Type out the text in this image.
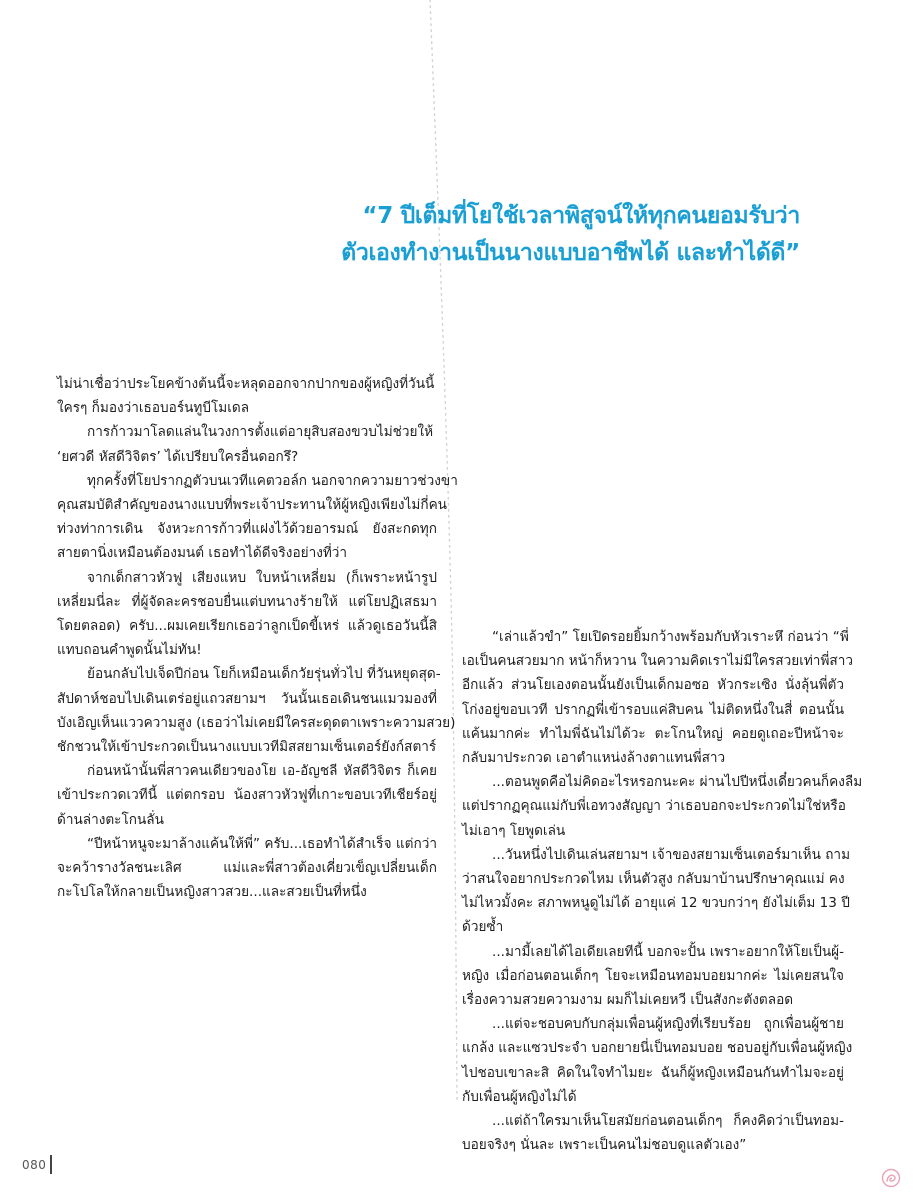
“7 ปีเต็มที่โยใช้เวลาพิสูจน์ให้ทุกคนยอมรับว่า
ตัวเองทำงานเป็นนางแบบอาชีพได้ และทำได้ดี”

ไม่น่าเชื่อว่าประโยคข้างต้นนี้จะหลุดออกจากปากของผู้หญิงที่วันนี้
ใครๆ ก็มองว่าเธอบอร์นทูบีโมเดล

การก้าวมาโลดแล่นในวงการตั้งแต่อายุสิบสองขวบไม่ช่วยให้
‘ยศวดี หัสดีวิจิตร’ ได้เปรียบใครอื่นดอกรึ?

ทุกครั้งที่โยปรากฏตัวบนเวทีแคตวอล์ก นอกจากความยาวช่วงขา
คุณสมบัติสำคัญของนางแบบที่พระเจ้าประทานให้ผู้หญิงเพียงไม่กี่คน
ท่วงท่าการเดิน จังหวะการก้าวที่แฝงไว้ด้วยอารมณ์ ยังสะกดทุก
สายตานิ่งเหมือนต้องมนต์ เธอทำได้ดีจริงอย่างที่ว่า

จากเด็กสาวหัวฟู เสียงแหบ ใบหน้าเหลี่ยม (ก็เพราะหน้ารูป
เหลี่ยมนี่ละ ที่ผู้จัดละครชอบยื่นแต่บทนางร้ายให้ แต่โยปฏิเสธมา
โดยตลอด) ครับ...ผมเคยเรียกเธอว่าลูกเป็ดขี้เหร่ แล้วดูเธอวันนี้สิ
แทบถอนคำพูดนั้นไม่ทัน!

ย้อนกลับไปเจ็ดปีก่อน โยก็เหมือนเด็กวัยรุ่นทั่วไป ที่วันหยุดสุด-
สัปดาห์ชอบไปเดินเตร่อยู่แถวสยามฯ วันนั้นเธอเดินชนแมวมองที่
บังเอิญเห็นแววความสูง (เธอว่าไม่เคยมีใครสะดุดตาเพราะความสวย)
ชักชวนให้เข้าประกวดเป็นนางแบบเวทีมิสสยามเซ็นเตอร์ยังก์สตาร์

ก่อนหน้านั้นพี่สาวคนเดียวของโย เอ-อัญชลี หัสดีวิจิตร ก็เคย
เข้าประกวดเวทีนี้ แต่ตกรอบ น้องสาวหัวฟูที่เกาะขอบเวทีเชียร์อยู่
ด้านล่างตะโกนลั่น

“ปีหน้าหนูจะมาล้างแค้นให้พี่” ครับ...เธอทำได้สำเร็จ แต่กว่า
จะคว้ารางวัลชนะเลิศ แม่และพี่สาวต้องเคี่ยวเข็ญเปลี่ยนเด็ก
กะโปโลให้กลายเป็นหญิงสาวสวย...และสวยเป็นที่หนึ่ง

“เล่าแล้วขำ” โยเปิดรอยยิ้มกว้างพร้อมกับหัวเราะหึ ก่อนว่า “พี่
เอเป็นคนสวยมาก หน้าก็หวาน ในความคิดเราไม่มีใครสวยเท่าพี่สาว
อีกแล้ว ส่วนโยเองตอนนั้นยังเป็นเด็กมอซอ หัวกระเซิง นั่งลุ้นพี่ตัว
โก่งอยู่ขอบเวที ปรากฏพี่เข้ารอบแค่สิบคน ไม่ติดหนึ่งในสี่ ตอนนั้น
แค้นมากค่ะ ทำไมพี่ฉันไม่ได้วะ ตะโกนใหญ่ คอยดูเถอะปีหน้าจะ
กลับมาประกวด เอาตำแหน่งล้างตาแทนพี่สาว

...ตอนพูดคือไม่คิดอะไรหรอกนะคะ ผ่านไปปีหนึ่งเดี๋ยวคนก็คงลืม
แต่ปรากฏคุณแม่กับพี่เอทวงสัญญา ว่าเธอบอกจะประกวดไม่ใช่หรือ
ไม่เอาๆ โยพูดเล่น

...วันหนึ่งไปเดินเล่นสยามฯ เจ้าของสยามเซ็นเตอร์มาเห็น ถาม
ว่าสนใจอยากประกวดไหม เห็นตัวสูง กลับมาบ้านปรึกษาคุณแม่ คง
ไม่ไหวมั้งคะ สภาพหนูดูไม่ได้ อายุแค่ 12 ขวบกว่าๆ ยังไม่เต็ม 13 ปี
ด้วยซ้ำ

...มามี้เลยได้ไอเดียเลยทีนี้ บอกจะปั้น เพราะอยากให้โยเป็นผู้-
หญิง เมื่อก่อนตอนเด็กๆ โยจะเหมือนทอมบอยมากค่ะ ไม่เคยสนใจ
เรื่องความสวยความงาม ผมก็ไม่เคยหวี เป็นสังกะตังตลอด

...แต่จะชอบคบกับกลุ่มเพื่อนผู้หญิงที่เรียบร้อย ถูกเพื่อนผู้ชาย
แกล้ง และแซวประจำ บอกยายนี่เป็นทอมบอย ชอบอยู่กับเพื่อนผู้หญิง
ไปชอบเขาละสิ คิดในใจทำไมยะ ฉันก็ผู้หญิงเหมือนกันทำไมจะอยู่
กับเพื่อนผู้หญิงไม่ได้

...แต่ถ้าใครมาเห็นโยสมัยก่อนตอนเด็กๆ ก็คงคิดว่าเป็นทอม-
บอยจริงๆ นั่นละ เพราะเป็นคนไม่ชอบดูแลตัวเอง”

080
